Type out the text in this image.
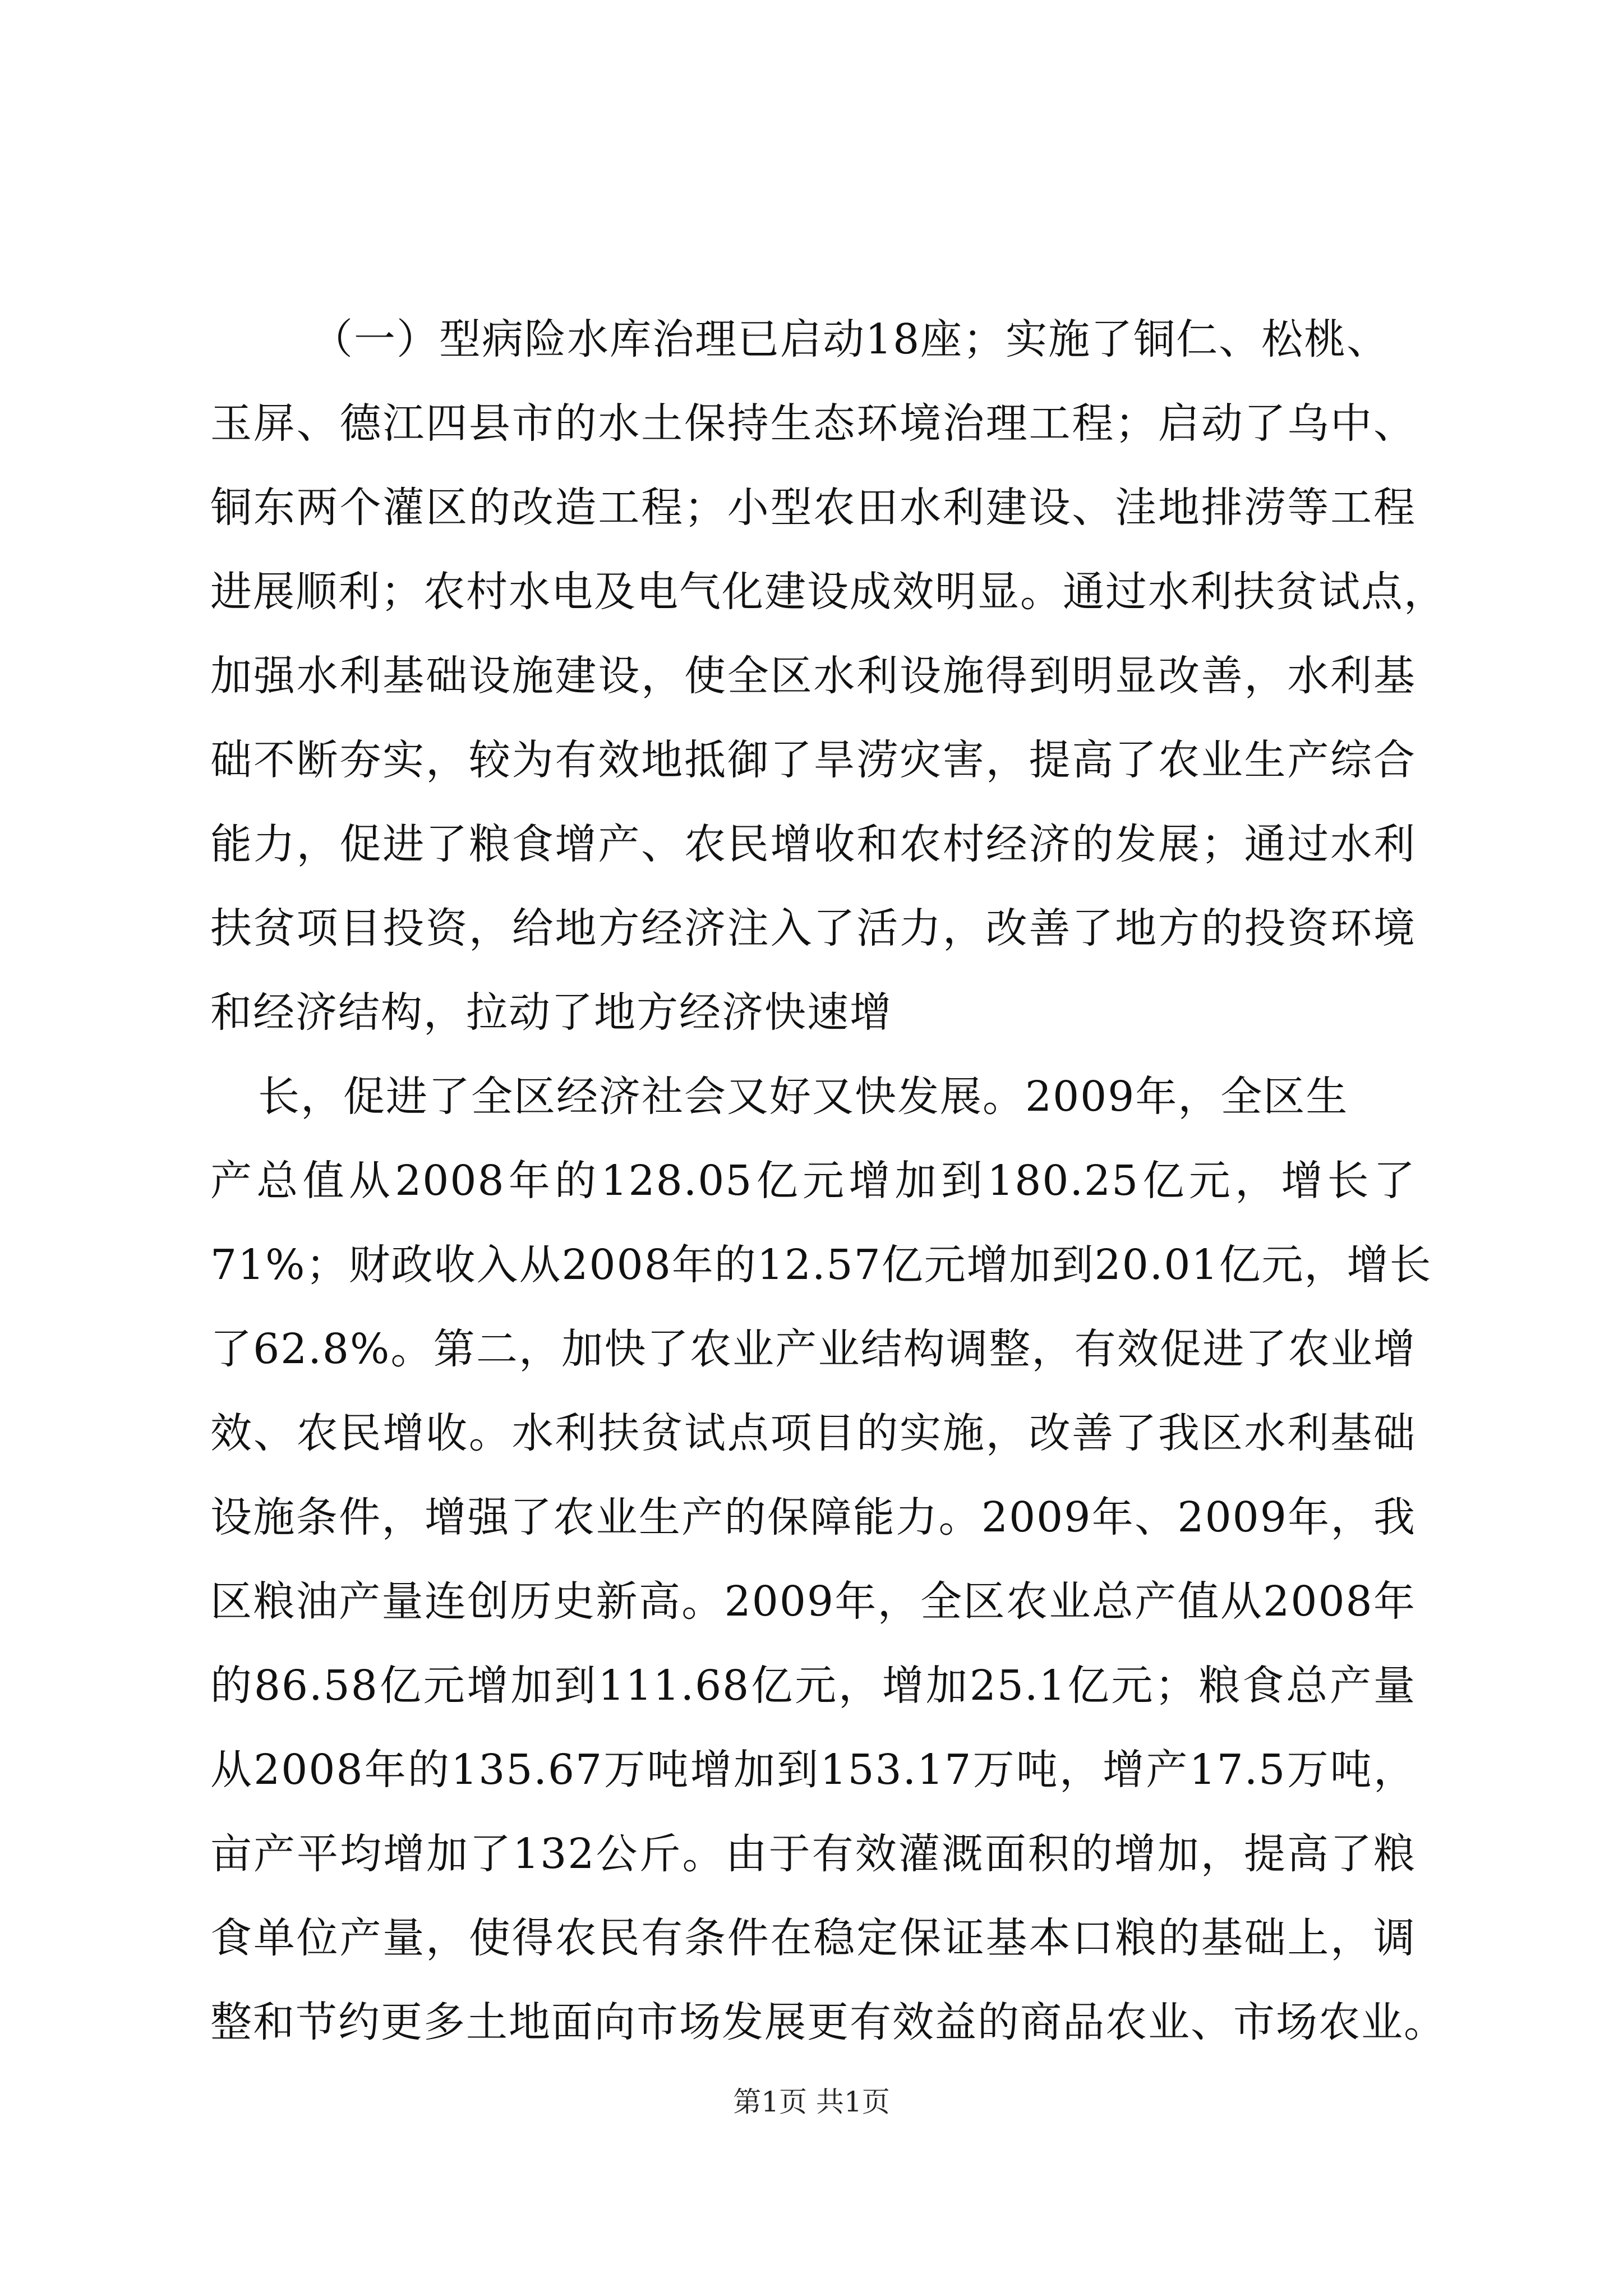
（一）型病险水库治理已启动18座；实施了铜仁、松桃、
玉屏、德江四县市的水土保持生态环境治理工程；启动了乌中、
铜东两个灌区的改造工程；小型农田水利建设、洼地排涝等工程
进展顺利；农村水电及电气化建设成效明显。通过水利扶贫试点，
加强水利基础设施建设，使全区水利设施得到明显改善，水利基
础不断夯实，较为有效地抵御了旱涝灾害，提高了农业生产综合
能力，促进了粮食增产、农民增收和农村经济的发展；通过水利
扶贫项目投资，给地方经济注入了活力，改善了地方的投资环境
和经济结构，拉动了地方经济快速增
长，促进了全区经济社会又好又快发展。2009年，全区生
产总值从2008年的128.05亿元增加到180.25亿元，增长了
71%；财政收入从2008年的12.57亿元增加到20.01亿元，增长
了62.8%。第二，加快了农业产业结构调整，有效促进了农业增
效、农民增收。水利扶贫试点项目的实施，改善了我区水利基础
设施条件，增强了农业生产的保障能力。2009年、2009年，我
区粮油产量连创历史新高。2009年，全区农业总产值从2008年
的86.58亿元增加到111.68亿元，增加25.1亿元；粮食总产量
从2008年的135.67万吨增加到153.17万吨，增产17.5万吨，
亩产平均增加了132公斤。由于有效灌溉面积的增加，提高了粮
食单位产量，使得农民有条件在稳定保证基本口粮的基础上，调
整和节约更多土地面向市场发展更有效益的商品农业、市场农业。
第1页 共1页
